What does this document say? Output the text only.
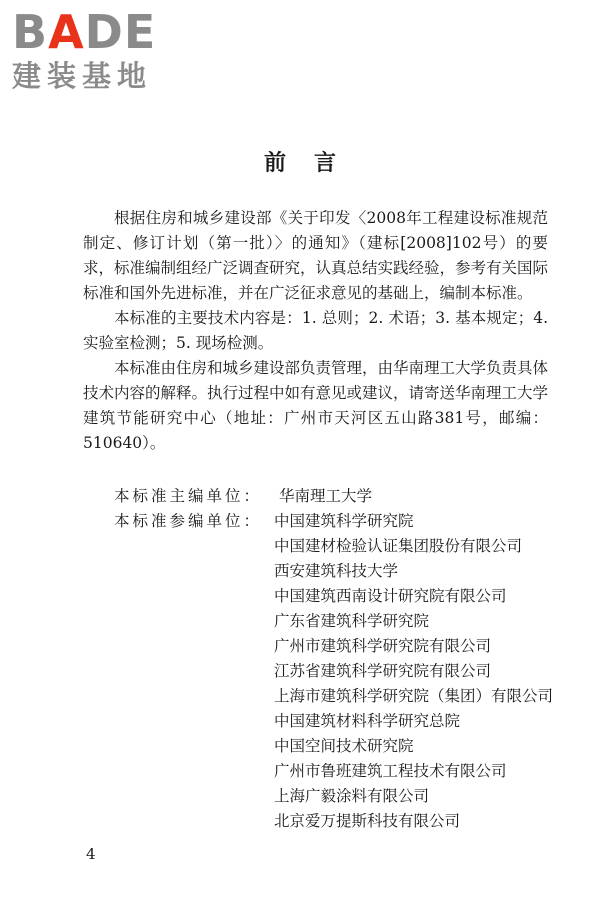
BADE
建装基地
前言

根据住房和城乡建设部《关于印发〈2008年工程建设标准规范制定、修订计划（第一批）〉的通知》（建标[2008]102号）的要求，标准编制组经广泛调查研究，认真总结实践经验，参考有关国际标准和国外先进标准，并在广泛征求意见的基础上，编制本标准。

本标准的主要技术内容是：1. 总则；2. 术语；3. 基本规定；4. 实验室检测；5. 现场检测。

本标准由住房和城乡建设部负责管理，由华南理工大学负责具体技术内容的解释。执行过程中如有意见或建议，请寄送华南理工大学建筑节能研究中心（地址：广州市天河区五山路381号，邮编：510640）。

本标准主编单位：	华南理工大学
本标准参编单位： 中国建筑科学研究院
中国建材检验认证集团股份有限公司
西安建筑科技大学
中国建筑西南设计研究院有限公司
广东省建筑科学研究院
广州市建筑科学研究院有限公司
江苏省建筑科学研究院有限公司
上海市建筑科学研究院（集团）有限公司
中国建筑材料科学研究总院
中国空间技术研究院
广州市鲁班建筑工程技术有限公司
上海广毅涂料有限公司
北京爱万提斯科技有限公司
4
